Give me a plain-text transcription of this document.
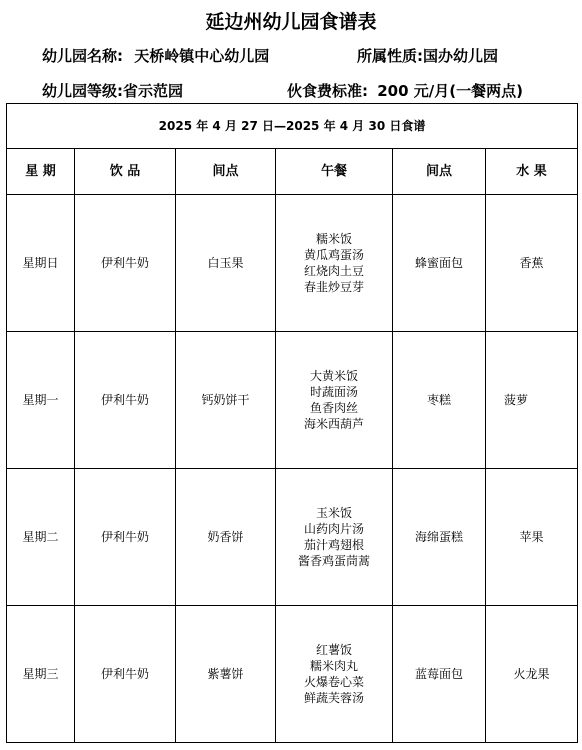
延边州幼儿园食谱表
幼儿园名称: 天桥岭镇中心幼儿园	所属性质:国办幼儿园
幼儿园等级:省示范园	伙食费标准: 200 元/月(一餐两点)
2025 年 4 月 27 日—2025 年 4 月 30 日食谱					
星 期	饮 品	间点	午餐	间点	水 果
星期日	伊利牛奶	白玉果	糯米饭
黄瓜鸡蛋汤
红烧肉土豆
春韭炒豆芽	蜂蜜面包	香蕉
星期一	伊利牛奶	钙奶饼干	大黄米饭
时蔬面汤
鱼香肉丝
海米西葫芦	枣糕	菠萝
星期二	伊利牛奶	奶香饼	玉米饭
山药肉片汤
茄汁鸡翅根
酱香鸡蛋茼蒿	海绵蛋糕	苹果
星期三	伊利牛奶	紫薯饼	红薯饭
糯米肉丸
火爆卷心菜
鲜蔬芙蓉汤	蓝莓面包	火龙果
